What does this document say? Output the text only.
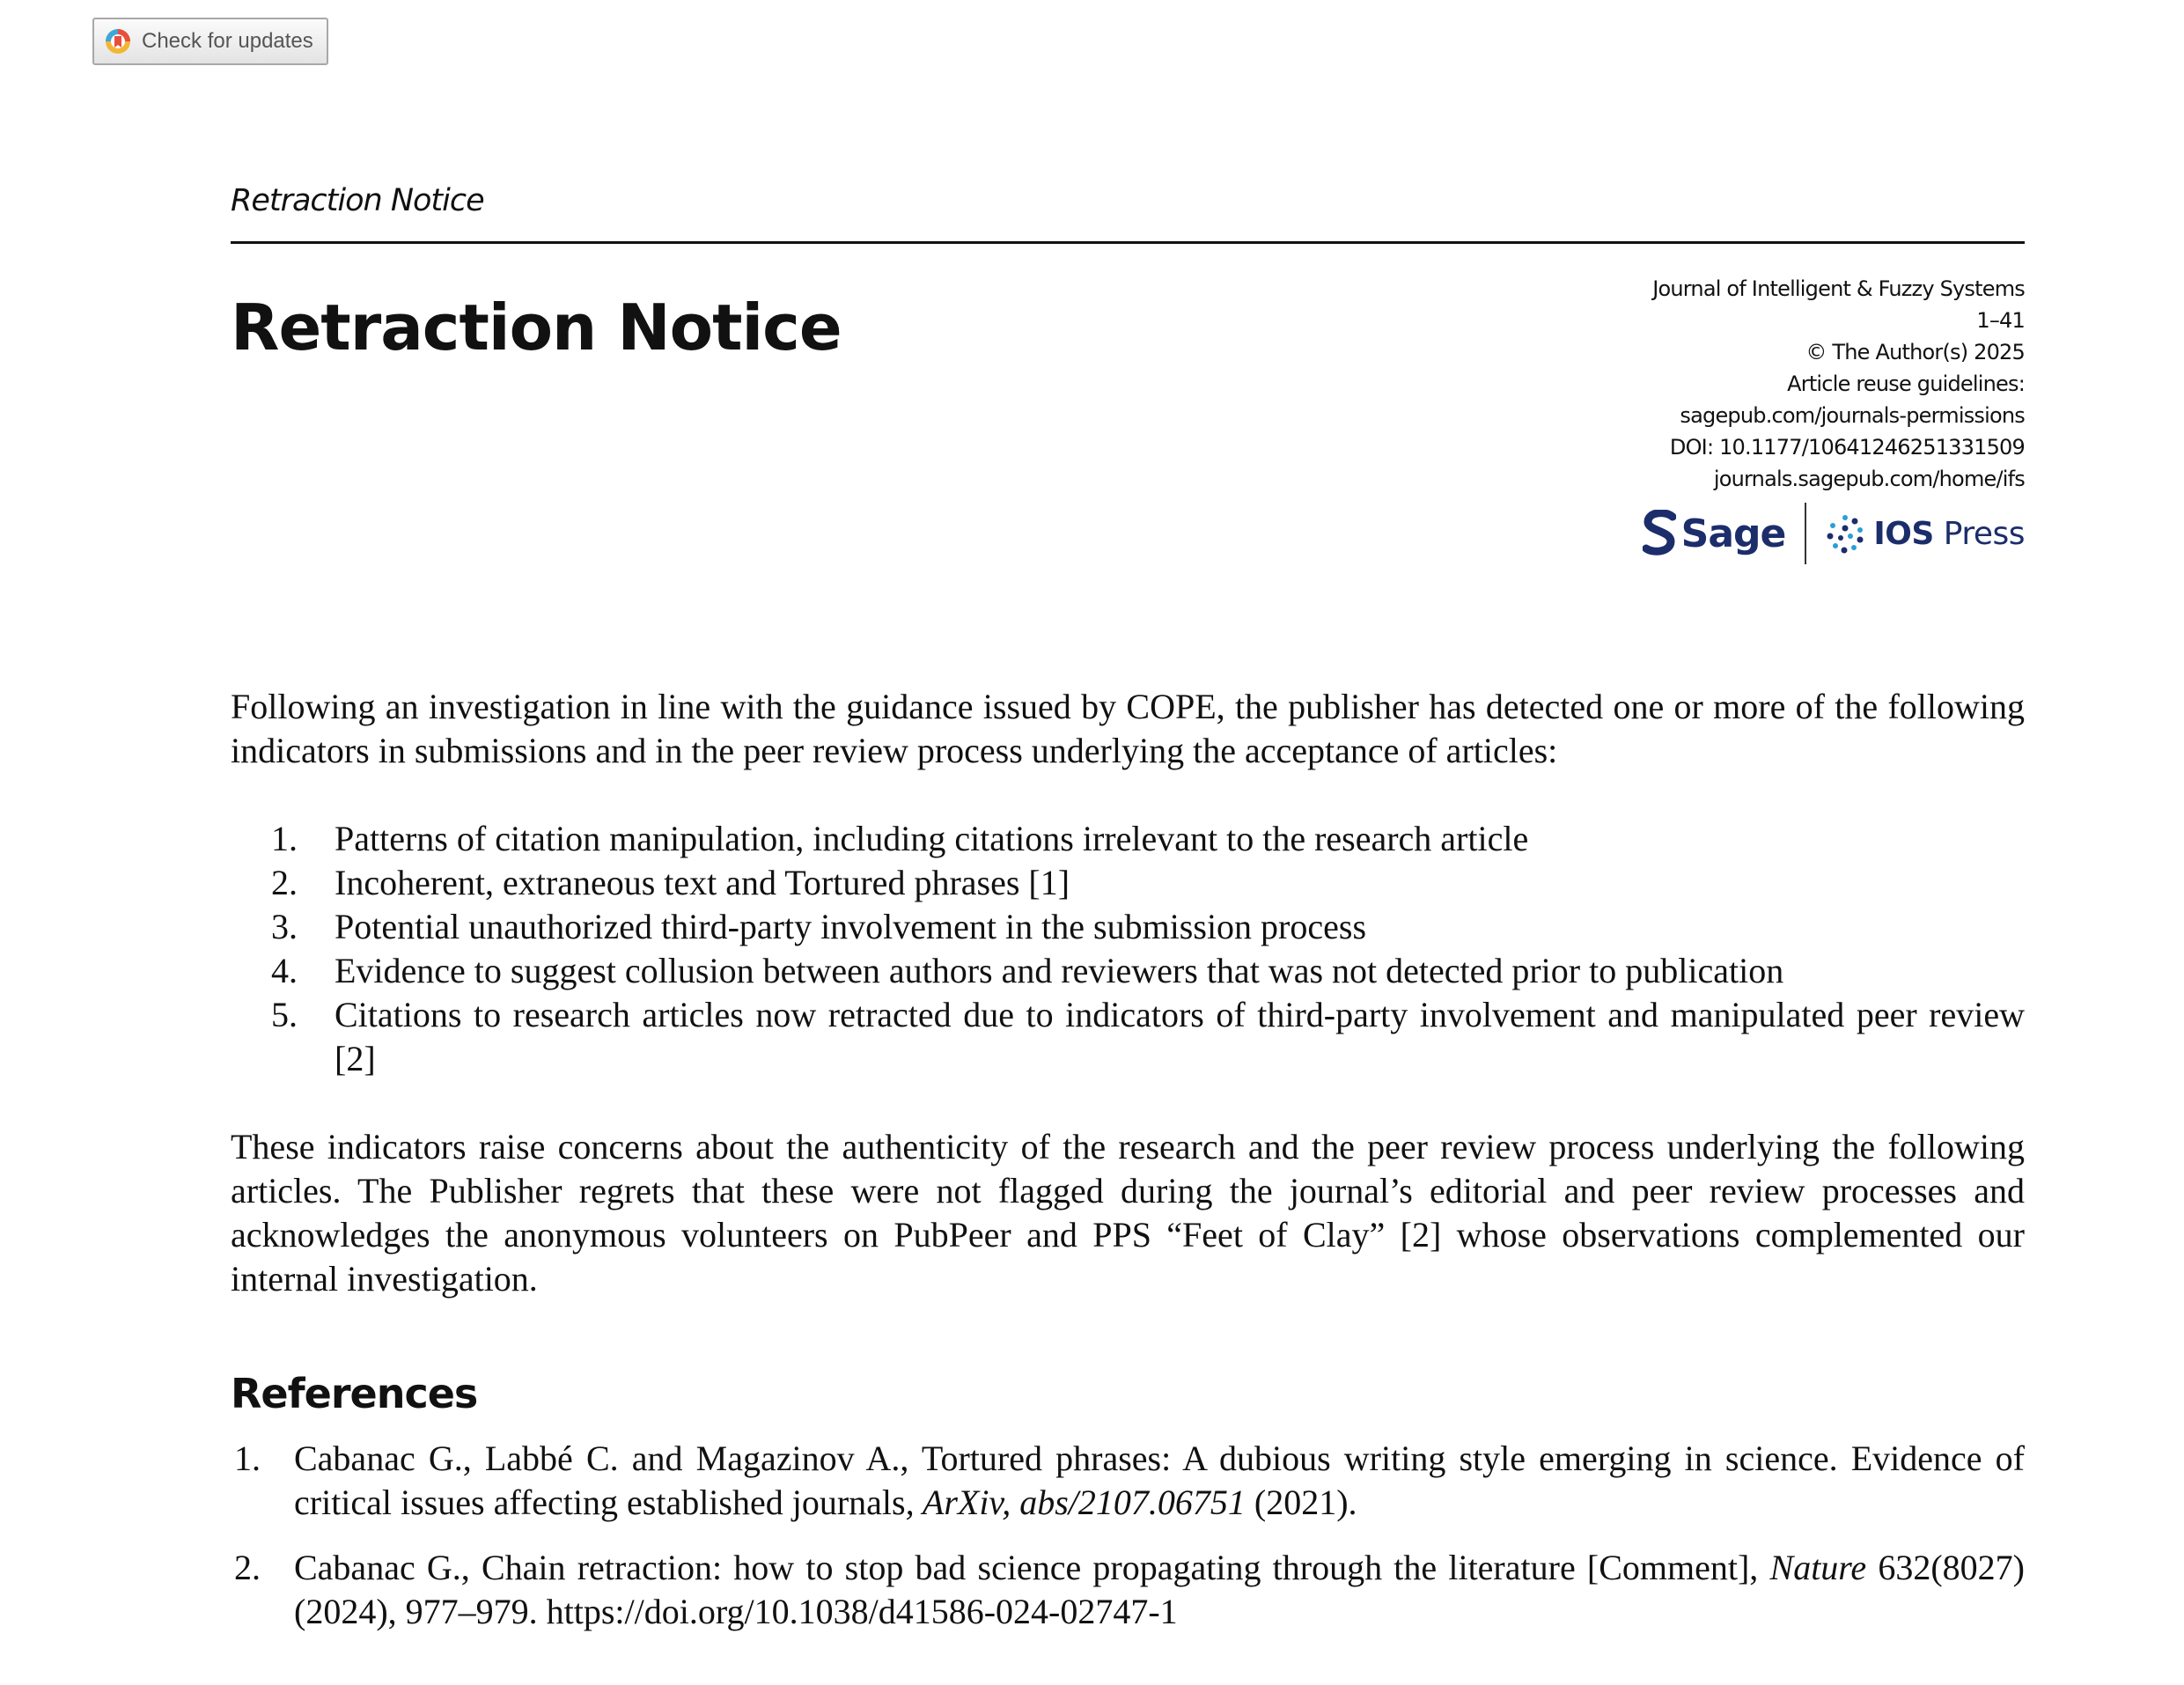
Check for updates
Retraction Notice
Retraction Notice
Journal of Intelligent & Fuzzy Systems
1–41
© The Author(s) 2025
Article reuse guidelines:
sagepub.com/journals-permissions
DOI: 10.1177/10641246251331509
journals.sagepub.com/home/ifs
Sage	IOS Press

Following an investigation in line with the guidance issued by COPE, the publisher has detected one or more of the following indicators in submissions and in the peer review process underlying the acceptance of articles:

1. Patterns of citation manipulation, including citations irrelevant to the research article
2. Incoherent, extraneous text and Tortured phrases [1]
3. Potential unauthorized third-party involvement in the submission process
4. Evidence to suggest collusion between authors and reviewers that was not detected prior to publication
5. Citations to research articles now retracted due to indicators of third-party involvement and manipulated peer review [2]

These indicators raise concerns about the authenticity of the research and the peer review process underlying the following articles. The Publisher regrets that these were not flagged during the journal’s editorial and peer review processes and acknowledges the anonymous volunteers on PubPeer and PPS “Feet of Clay” [2] whose observations complemented our internal investigation.

References
1. Cabanac G., Labbé C. and Magazinov A., Tortured phrases: A dubious writing style emerging in science. Evidence of critical issues affecting established journals, ArXiv, abs/2107.06751 (2021).
2. Cabanac G., Chain retraction: how to stop bad science propagating through the literature [Comment], Nature 632(8027) (2024), 977–979. https://doi.org/10.1038/d41586-024-02747-1
